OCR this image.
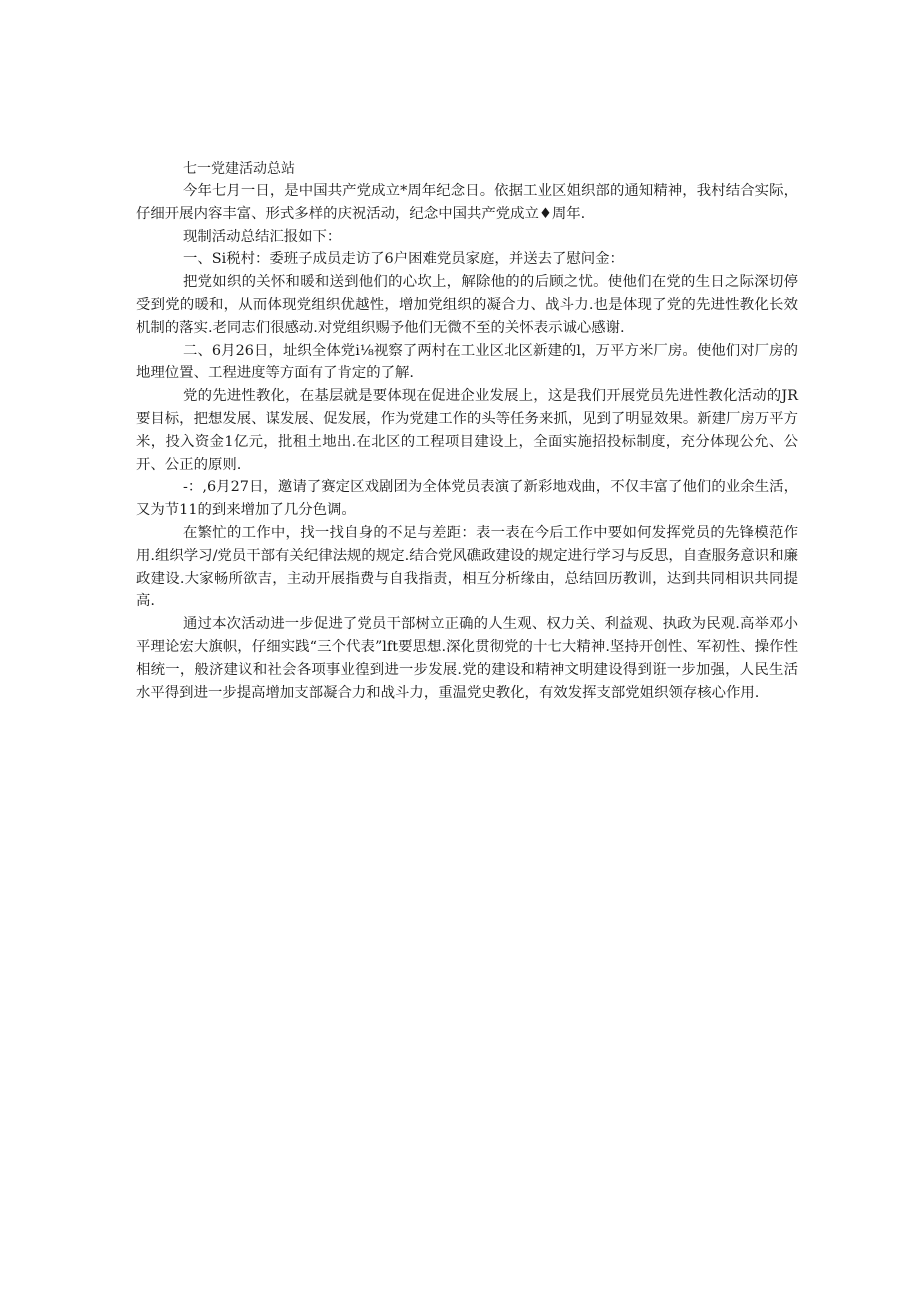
七一党建活动总站

今年七月一日，是中国共产党成立*周年纪念日。依据工业区姐织部的通知精神，我村结合实际，仔细开展内容丰富、形式多样的庆祝活动，纪念中国共产党成立♦周年.

现制活动总结汇报如下：

一、Si税村：委班子成员走访了6户困难党员家庭，并送去了慰问金：

把党如织的关怀和暖和送到他们的心坎上，解除他的的后顾之忧。使他们在党的生日之际深切停受到党的暖和，从而体现党组织优越性，增加党组织的凝合力、战斗力.也是体现了党的先进性教化长效机制的落实.老同志们很感动.对党组织赐予他们无微不至的关怀表示诚心感谢.

二、6月26日，址织全体党i⅛视察了两村在工业区北区新建的l，万平方米厂房。使他们对厂房的地理位置、工程进度等方面有了肯定的了解.

党的先进性教化，在基层就是要体现在促进企业发展上，这是我们开展党员先进性教化活动的JR要目标，把想发展、谋发展、促发展，作为党建工作的头等任务来抓，见到了明显效果。新建厂房万平方米，投入资金1亿元，批租土地出.在北区的工程项目建设上，全面实施招投标制度，充分体现公允、公开、公正的原则.

-：,6月27日，邀请了赛定区戏剧团为全体党员表演了新彩地戏曲，不仅丰富了他们的业余生活，又为节11的到来增加了几分色调。

在繁忙的工作中，找一找自身的不足与差距：表一表在今后工作中要如何发挥党员的先锋模范作用.组织学习/党员干部有关纪律法规的规定.结合党风礁政建设的规定进行学习与反思，自查服务意识和廉政建设.大家畅所欲吉，主动开展指费与自我指责，相互分析缘由，总结回历教训，达到共同相识共同提高.

通过本次活动进一步促进了党员干部树立正确的人生观、权力关、利益观、执政为民观.高举邓小平理论宏大旗帜，仔细实践“三个代表”lft要思想.深化贯彻党的十七大精神.坚持开创性、军初性、操作性相统一，般济建议和社会各项事业徨到进一步发展.党的建设和精神文明建设得到诳一步加强，人民生活水平得到进一步提高增加支部凝合力和战斗力，重温党史教化，有效发挥支部党姐织领存核心作用.
